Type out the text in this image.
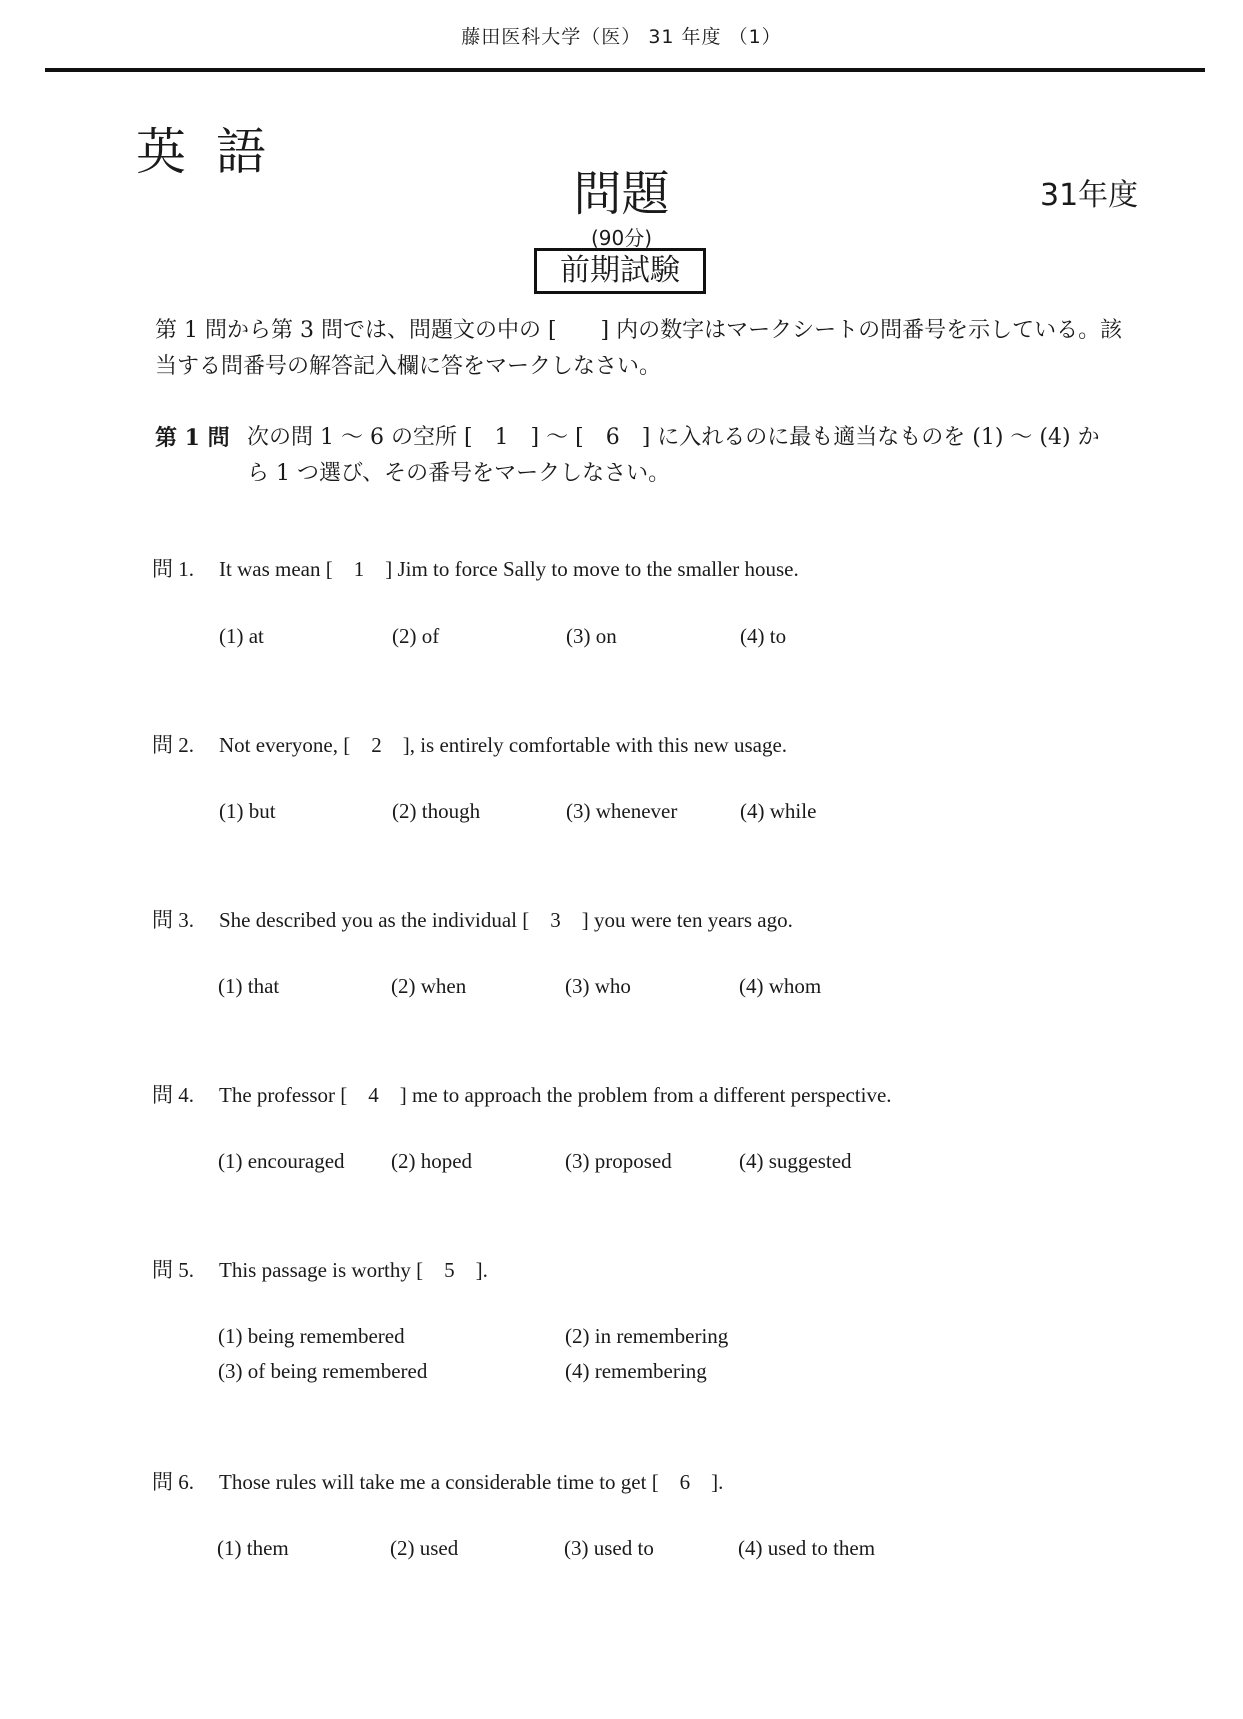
藤田医科大学（医） 31 年度 （1）
英語
問題	31年度
(90分)
前期試験
第 1 問から第 3 問では、問題文の中の [　　] 内の数字はマークシートの問番号を示している。該当する問番号の解答記入欄に答をマークしなさい。
第 1 問 次の問 1 ～ 6 の空所 [　1　] ～ [　6　] に入れるのに最も適当なものを (1) ～ (4) から 1 つ選び、その番号をマークしなさい。
問 1. It was mean [　1　] Jim to force Sally to move to the smaller house.
(1) at	(2) of	(3) on	(4) to
問 2. Not everyone, [　2　], is entirely comfortable with this new usage.
(1) but	(2) though	(3) whenever	(4) while
問 3. She described you as the individual [　3　] you were ten years ago.
(1) that	(2) when	(3) who	(4) whom
問 4. The professor [　4　] me to approach the problem from a different perspective.
(1) encouraged (2) hoped	(3) proposed	(4) suggested
問 5. This passage is worthy [　5　].
(1) being remembered	(2) in remembering
(3) of being remembered	(4) remembering
問 6. Those rules will take me a considerable time to get [　6　].
(1) them	(2) used	(3) used to	(4) used to them
